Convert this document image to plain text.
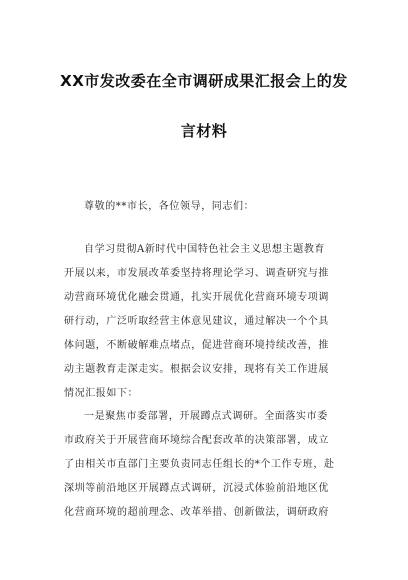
XX市发改委在全市调研成果汇报会上的发
言材料
尊敬的**市长，各位领导，同志们：
自学习贯彻A新时代中国特色社会主义思想主题教育
开展以来，市发展改革委坚持将理论学习、调查研究与推
动营商环境优化融会贯通，扎实开展优化营商环境专项调
研行动，广泛听取经营主体意见建议，通过解决一个个具
体问题，不断破解难点堵点，促进营商环境持续改善，推
动主题教育走深走实。根据会议安排，现将有关工作进展
情况汇报如下：
一是聚焦市委部署，开展蹲点式调研。全面落实市委
市政府关于开展营商环境综合配套改革的决策部署，成立
了由相关市直部门主要负责同志任组长的*个工作专班，赴
深圳等前沿地区开展蹲点式调研，沉浸式体验前沿地区优
化营商环境的超前理念、改革举措、创新做法，调研政府
